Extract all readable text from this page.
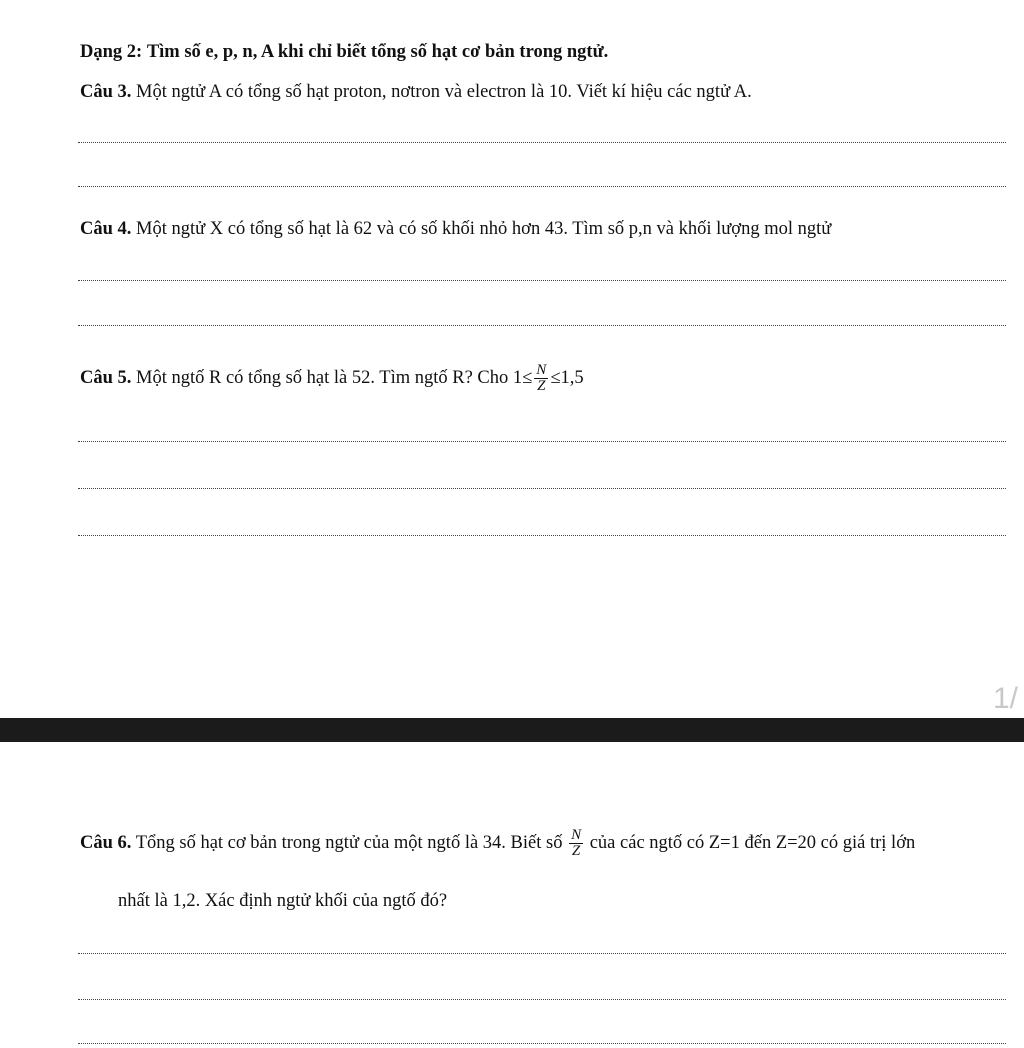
Dạng 2: Tìm số e, p, n, A khi chỉ biết tổng số hạt cơ bản trong ngtử.
Câu 3. Một ngtử A có tổng số hạt proton, nơtron và electron là 10. Viết kí hiệu các ngtử A.
Câu 4. Một ngtử X có tổng số hạt là 62 và có số khối nhỏ hơn 43. Tìm số p,n và khối lượng mol ngtử
Câu 5. Một ngtố R có tổng số hạt là 52. Tìm ngtố R? Cho $1\le \frac{N}{Z} \le 1,5$
1/
Câu 6. Tổng số hạt cơ bản trong ngtử của một ngtố là 34. Biết số $\frac{N}{Z}$ của các ngtố có Z=1 đến Z=20 có giá trị lớn
nhất là 1,2. Xác định ngtử khối của ngtố đó?
